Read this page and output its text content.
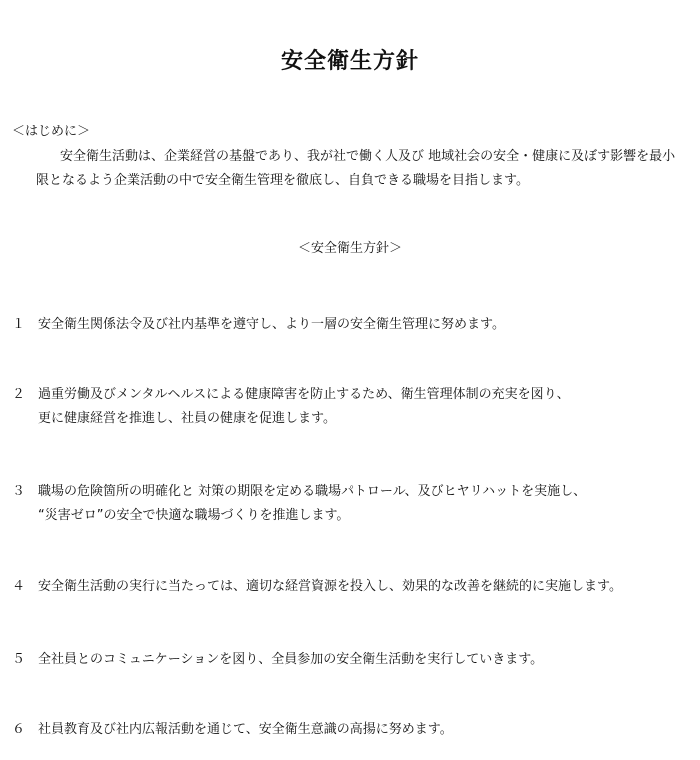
安全衛生方針
＜はじめに＞
安全衛生活動は、企業経営の基盤であり、我が社で働く人及び 地域社会の安全・健康に及ぼす影響を最小限となるよう企業活動の中で安全衛生管理を徹底し、自負できる職場を目指します。
＜安全衛生方針＞
１ 安全衛生関係法令及び社内基準を遵守し、より一層の安全衛生管理に努めます。
２ 過重労働及びメンタルヘルスによる健康障害を防止するため、衛生管理体制の充実を図り、
更に健康経営を推進し、社員の健康を促進します。
３ 職場の危険箇所の明確化と 対策の期限を定める職場パトロール、及びヒヤリハットを実施し、
“災害ゼロ”の安全で快適な職場づくりを推進します。
４ 安全衛生活動の実行に当たっては、適切な経営資源を投入し、効果的な改善を継続的に実施します。
５ 全社員とのコミュニケーションを図り、全員参加の安全衛生活動を実行していきます。
６ 社員教育及び社内広報活動を通じて、安全衛生意識の高揚に努めます。
